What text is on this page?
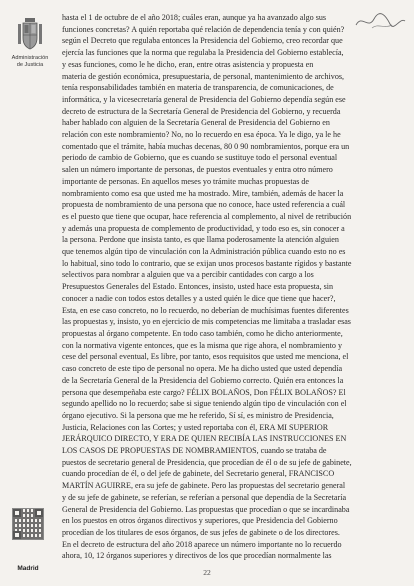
Administración
de Justicia
Madrid

hasta el 1 de octubre de el año 2018; cuáles eran, aunque ya ha avanzado algo sus

funciones concretas? A quién reportaba qué relación de dependencia tenía y con quién?

según el Decreto que regulaba entonces la Presidencia del Gobierno, creo recordar que

ejercía las funciones que la norma que regulaba la Presidencia del Gobierno establecía,

y esas funciones, como le he dicho, eran, entre otras asistencia y propuesta en

materia de gestión económica, presupuestaria, de personal, mantenimiento de archivos,

tenía responsabilidades también en materia de transparencia, de comunicaciones, de

informática, y la vicesecretaría general de Presidencia del Gobierno dependía según ese

decreto de estructura de la Secretaría General de Presidencia del Gobierno, y recuerda

haber hablado con alguien de la Secretaría General de Presidencia del Gobierno en

relación con este nombramiento? No, no lo recuerdo en esa época. Ya le digo, ya le he

comentado que el trámite, había muchas decenas, 80 0 90 nombramientos, porque era un

periodo de cambio de Gobierno, que es cuando se sustituye todo el personal eventual

salen un número importante de personas, de puestos eventuales y entra otro número

importante de personas. En aquellos meses yo trámite muchas propuestas de

nombramiento como esa que usted me ha mostrado. Mire, también, además de hacer la

propuesta de nombramiento de una persona que no conoce, hace usted referencia a cuál

es el puesto que tiene que ocupar, hace referencia al complemento, al nivel de retribución

y además una propuesta de complemento de productividad, y todo eso es, sin conocer a

la persona. Perdone que insista tanto, es que llama poderosamente la atención alguien

que tenemos algún tipo de vinculación con la Administración pública cuando esto no es

lo habitual, sino todo lo contrario, que se exijan unos procesos bastante rígidos y bastante

selectivos para nombrar a alguien que va a percibir cantidades con cargo a los

Presupuestos Generales del Estado. Entonces, insisto, usted hace esta propuesta, sin

conocer a nadie con todos estos detalles y a usted quién le dice que tiene que hacer?,

Esta, en ese caso concreto, no lo recuerdo, no deberían de muchísimas fuentes diferentes

las propuestas y, insisto, yo en ejercicio de mis competencias me limitaba a trasladar esas

propuestas al órgano competente. En todo caso también, como he dicho anteriormente,

con la normativa vigente entonces, que es la misma que rige ahora, el nombramiento y

cese del personal eventual, Es libre, por tanto, esos requisitos que usted me menciona, el

caso concreto de este tipo de personal no opera. Me ha dicho usted que usted dependía

de la Secretaría General de la Presidencia del Gobierno correcto. Quién era entonces la

persona que desempeñaba este cargo? FÉLIX BOLAÑOS, Don FÉLIX BOLAÑOS? El

segundo apellido no lo recuerdo; sabe si sigue teniendo algún tipo de vinculación con el

órgano ejecutivo. Si la persona que me he referido, Sí sí, es ministro de Presidencia,

Justicia, Relaciones con las Cortes; y usted reportaba con él, ERA MI SUPERIOR

JERÁRQUICO DIRECTO, Y ERA DE QUIEN RECIBÍA LAS INSTRUCCIONES EN

LOS CASOS DE PROPUESTAS DE NOMBRAMIENTOS, cuando se trataba de

puestos de secretario general de Presidencia, que procedían de él o de su jefe de gabinete,

cuando procedían de él, o del jefe de gabinete, del Secretario general, FRANCISCO

MARTÍN AGUIRRE, era su jefe de gabinete. Pero las propuestas del secretario general

y de su jefe de gabinete, se referían, se referían a personal que dependía de la Secretaría

General de Presidencia del Gobierno. Las propuestas que procedían o que se incardinaba

en los puestos en otros órganos directivos y superiores, que Presidencia del Gobierno

procedían de los titulares de esos órganos, de sus jefes de gabinete o de los directores.

En el decreto de estructura del año 2018 aparece un número importante no lo recuerdo

ahora, 10, 12 órganos superiores y directivos de los que procedían normalmente las

22
